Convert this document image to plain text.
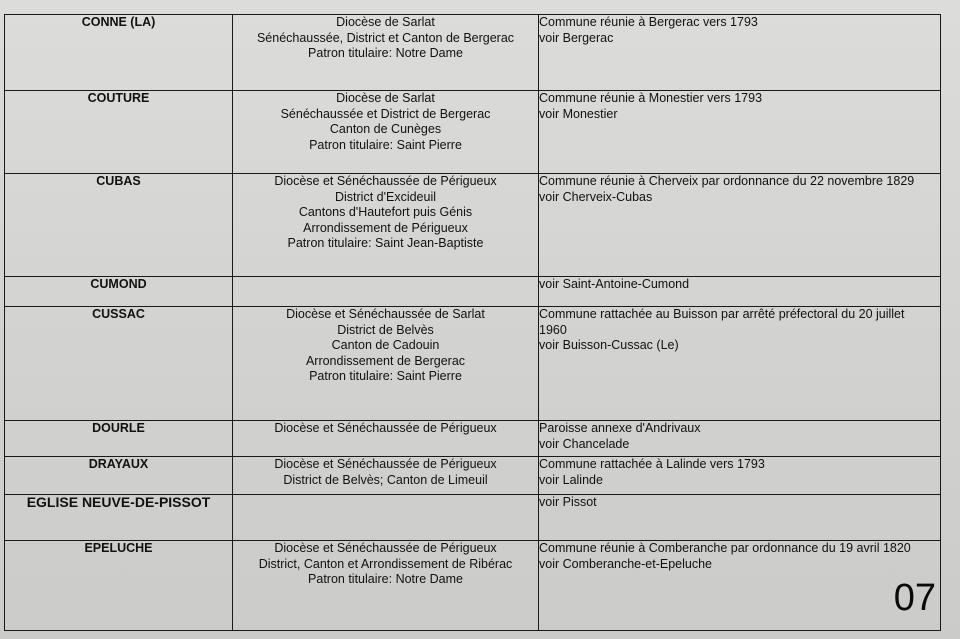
CONNE (LA)	Diocèse de Sarlat
Sénéchaussée, District et Canton de Bergerac
Patron titulaire: Notre Dame	Commune réunie à Bergerac vers 1793
voir Bergerac

COUTURE	Diocèse de Sarlat
Sénéchaussée et District de Bergerac
Canton de Cunèges
Patron titulaire: Saint Pierre	Commune réunie à Monestier vers 1793
voir Monestier

CUBAS	Diocèse et Sénéchaussée de Périgueux
District d'Excideuil
Cantons d'Hautefort puis Génis
Arrondissement de Périgueux
Patron titulaire: Saint Jean-Baptiste	Commune réunie à Cherveix par ordonnance du 22 novembre 1829
voir Cherveix-Cubas

CUMOND		voir Saint-Antoine-Cumond

CUSSAC	Diocèse et Sénéchaussée de Sarlat
District de Belvès
Canton de Cadouin
Arrondissement de Bergerac
Patron titulaire: Saint Pierre	Commune rattachée au Buisson par arrêté préfectoral du 20 juillet
1960
voir Buisson-Cussac (Le)

DOURLE	Diocèse et Sénéchaussée de Périgueux	Paroisse annexe d'Andrivaux
voir Chancelade

DRAYAUX	Diocèse et Sénéchaussée de Périgueux
District de Belvès; Canton de Limeuil	Commune rattachée à Lalinde vers 1793
voir Lalinde

EGLISE NEUVE-DE-PISSOT		voir Pissot

EPELUCHE	Diocèse et Sénéchaussée de Périgueux
District, Canton et Arrondissement de Ribérac
Patron titulaire: Notre Dame	Commune réunie à Comberanche par ordonnance du 19 avril 1820
voir Comberanche-et-Epeluche
07
